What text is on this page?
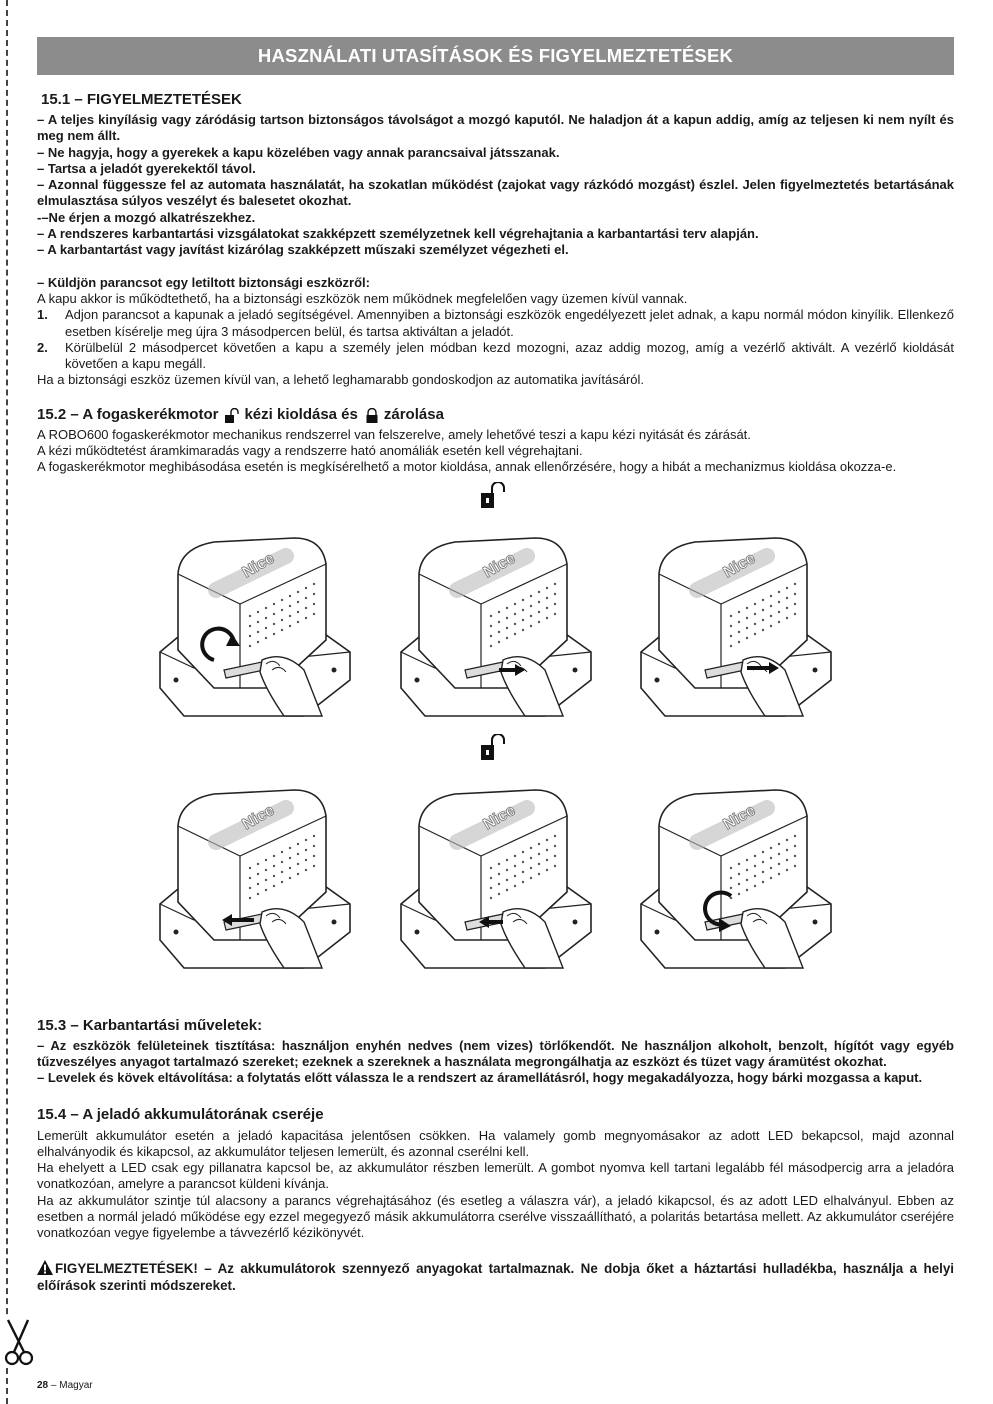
HASZNÁLATI UTASÍTÁSOK ÉS FIGYELMEZTETÉSEK
15.1 – FIGYELMEZTETÉSEK

– A teljes kinyílásig vagy záródásig tartson biztonságos távolságot a mozgó kaputól. Ne haladjon át a kapun addig, amíg az teljesen ki nem nyílt és meg nem állt.

– Ne hagyja, hogy a gyerekek a kapu közelében vagy annak parancsaival játsszanak.

– Tartsa a jeladót gyerekektől távol.

– Azonnal függessze fel az automata használatát, ha szokatlan működést (zajokat vagy rázkódó mozgást) észlel. Jelen figyelmeztetés betartásának elmulasztása súlyos veszélyt és balesetet okozhat.

-–Ne érjen a mozgó alkatrészekhez.

– A rendszeres karbantartási vizsgálatokat szakképzett személyzetnek kell végrehajtania a karbantartási terv alapján.

– A karbantartást vagy javítást kizárólag szakképzett műszaki személyzet végezheti el.

– Küldjön parancsot egy letiltott biztonsági eszközről:

A kapu akkor is működtethető, ha a biztonsági eszközök nem működnek megfelelően vagy üzemen kívül vannak.

1.	Adjon parancsot a kapunak a jeladó segítségével. Amennyiben a biztonsági eszközök engedélyezett jelet adnak, a kapu normál módon kinyílik. Ellenkező esetben kísérelje meg újra 3 másodpercen belül, és tartsa aktiváltan a jeladót.
2.	Körülbelül 2 másodpercet követően a kapu a személy jelen módban kezd mozogni, azaz addig mozog, amíg a vezérlő aktivált. A vezérlő kioldását követően a kapu megáll.

Ha a biztonsági eszköz üzemen kívül van, a lehető leghamarabb gondoskodjon az automatika javításáról.

15.2 – A fogaskerékmotor kézi kioldása és zárolása

A ROBO600 fogaskerékmotor mechanikus rendszerrel van felszerelve, amely lehetővé teszi a kapu kézi nyitását és zárását.

A kézi működtetést áramkimaradás vagy a rendszerre ható anomáliák esetén kell végrehajtani.

A fogaskerékmotor meghibásodása esetén is megkísérelhető a motor kioldása, annak ellenőrzésére, hogy a hibát a mechanizmus kioldása okozza-e.

Nice	Nice	Nice
Nice	Nice	Nice
15.3 – Karbantartási műveletek:

– Az eszközök felületeinek tisztítása: használjon enyhén nedves (nem vizes) törlőkendőt. Ne használjon alkoholt, benzolt, hígítót vagy egyéb tűzveszélyes anyagot tartalmazó szereket; ezeknek a szereknek a használata megrongálhatja az eszközt és tüzet vagy áramütést okozhat.

– Levelek és kövek eltávolítása: a folytatás előtt válassza le a rendszert az áramellátásról, hogy megakadályozza, hogy bárki mozgassa a kaput.

15.4 – A jeladó akkumulátorának cseréje

Lemerült akkumulátor esetén a jeladó kapacitása jelentősen csökken. Ha valamely gomb megnyomásakor az adott LED bekapcsol, majd azonnal elhalványodik és kikapcsol, az akkumulátor teljesen lemerült, és azonnal cserélni kell.

Ha ehelyett a LED csak egy pillanatra kapcsol be, az akkumulátor részben lemerült. A gombot nyomva kell tartani legalább fél másodpercig arra a jeladóra vonatkozóan, amelyre a parancsot küldeni kívánja.

Ha az akkumulátor szintje túl alacsony a parancs végrehajtásához (és esetleg a válaszra vár), a jeladó kikapcsol, és az adott LED elhalványul. Ebben az esetben a normál jeladó működése egy ezzel megegyező másik akkumulátorra cserélve visszaállítható, a polaritás betartása mellett. Az akkumulátor cseréjére vonatkozóan vegye figyelembe a távvezérlő kézikönyvét.

FIGYELMEZTETÉSEK! – Az akkumulátorok szennyező anyagokat tartalmaznak. Ne dobja őket a háztartási hulladékba, használja a helyi előírások szerinti módszereket.
28 – Magyar
